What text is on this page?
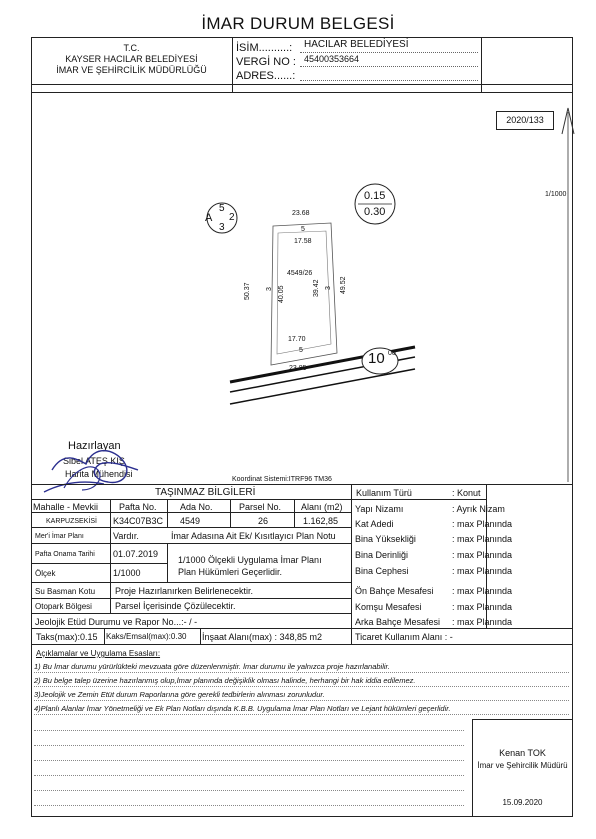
İMAR DURUM BELGESİ
T.C.
KAYSER HACILAR BELEDİYESİ
İMAR VE ŞEHİRCİLİK MÜDÜRLÜĞÜ
İSİM..........: HACILAR BELEDİYESİ
VERGİ NO : 45400353664
ADRES......:
2020/133
1/1000
A
5
2
3
0.15
0.30
10 00
23.68
5
17.58
4549/26
50.37 3 40.05	39.42 3 49.52
17.70
5
23.85
Hazırlayan
Sibel ATEŞ KIŞ
Harita Mühendisi
Koordinat Sistemi:ITRF96 TM36
TAŞINMAZ BİLGİLERİ
Mahalle - Mevkii Pafta No.	Ada No.	Parsel No. Alanı (m2)
KARPUZSEKİSİ K34C07B3C 4549	26	1.162,85
Mer'i İmar Planı	Vardır.	İmar Adasına Ait Ek/ Kısıtlayıcı Plan Notu
Pafta Onama Tarihi 01.07.2019
Ölçek	1/1000
1/1000 Ölçekli Uygulama İmar Planı
Plan Hükümleri Geçerlidir.
Su Basman Kotu Proje Hazırlanırken Belirlenecektir.
Otopark Bölgesi	Parsel İçerisinde Çözülecektir.
Jeolojik Etüd Durumu ve Rapor No...:- / -
Taks(max):0.15 Kaks/Emsal(max):0.30 İnşaat Alanı(max) : 348,85 m2
Kullanım Türü	: Konut
Yapı Nizamı	: Ayrık Nizam
Kat Adedi	: max Planında
Bina Yüksekliği	: max Planında
Bina Derinliği	: max Planında
Bina Cephesi	: max Planında
Ön Bahçe Mesafesi : max Planında
Komşu Mesafesi	: max Planında
Arka Bahçe Mesafesi : max Planında
Ticaret Kullanım Alanı : -
Açıklamalar ve Uygulama Esasları:
1) Bu İmar durumu yürürlükteki mevzuata göre düzenlenmiştir. İmar durumu ile yalnızca proje hazırlanabilir.
2) Bu belge talep üzerine hazırlanmış olup,İmar planında değişiklik olması halinde, herhangi bir hak iddia edilemez.
3)Jeolojik ve Zemin Etüt durum Raporlarına göre gerekli tedbirlerin alınması zorunludur.
4)Planlı Alanlar İmar Yönetmeliği ve Ek Plan Notları dışında K.B.B. Uygulama İmar Plan Notları ve Lejant hükümleri geçerlidir.
Kenan TOK
İmar ve Şehircilik Müdürü
15.09.2020
